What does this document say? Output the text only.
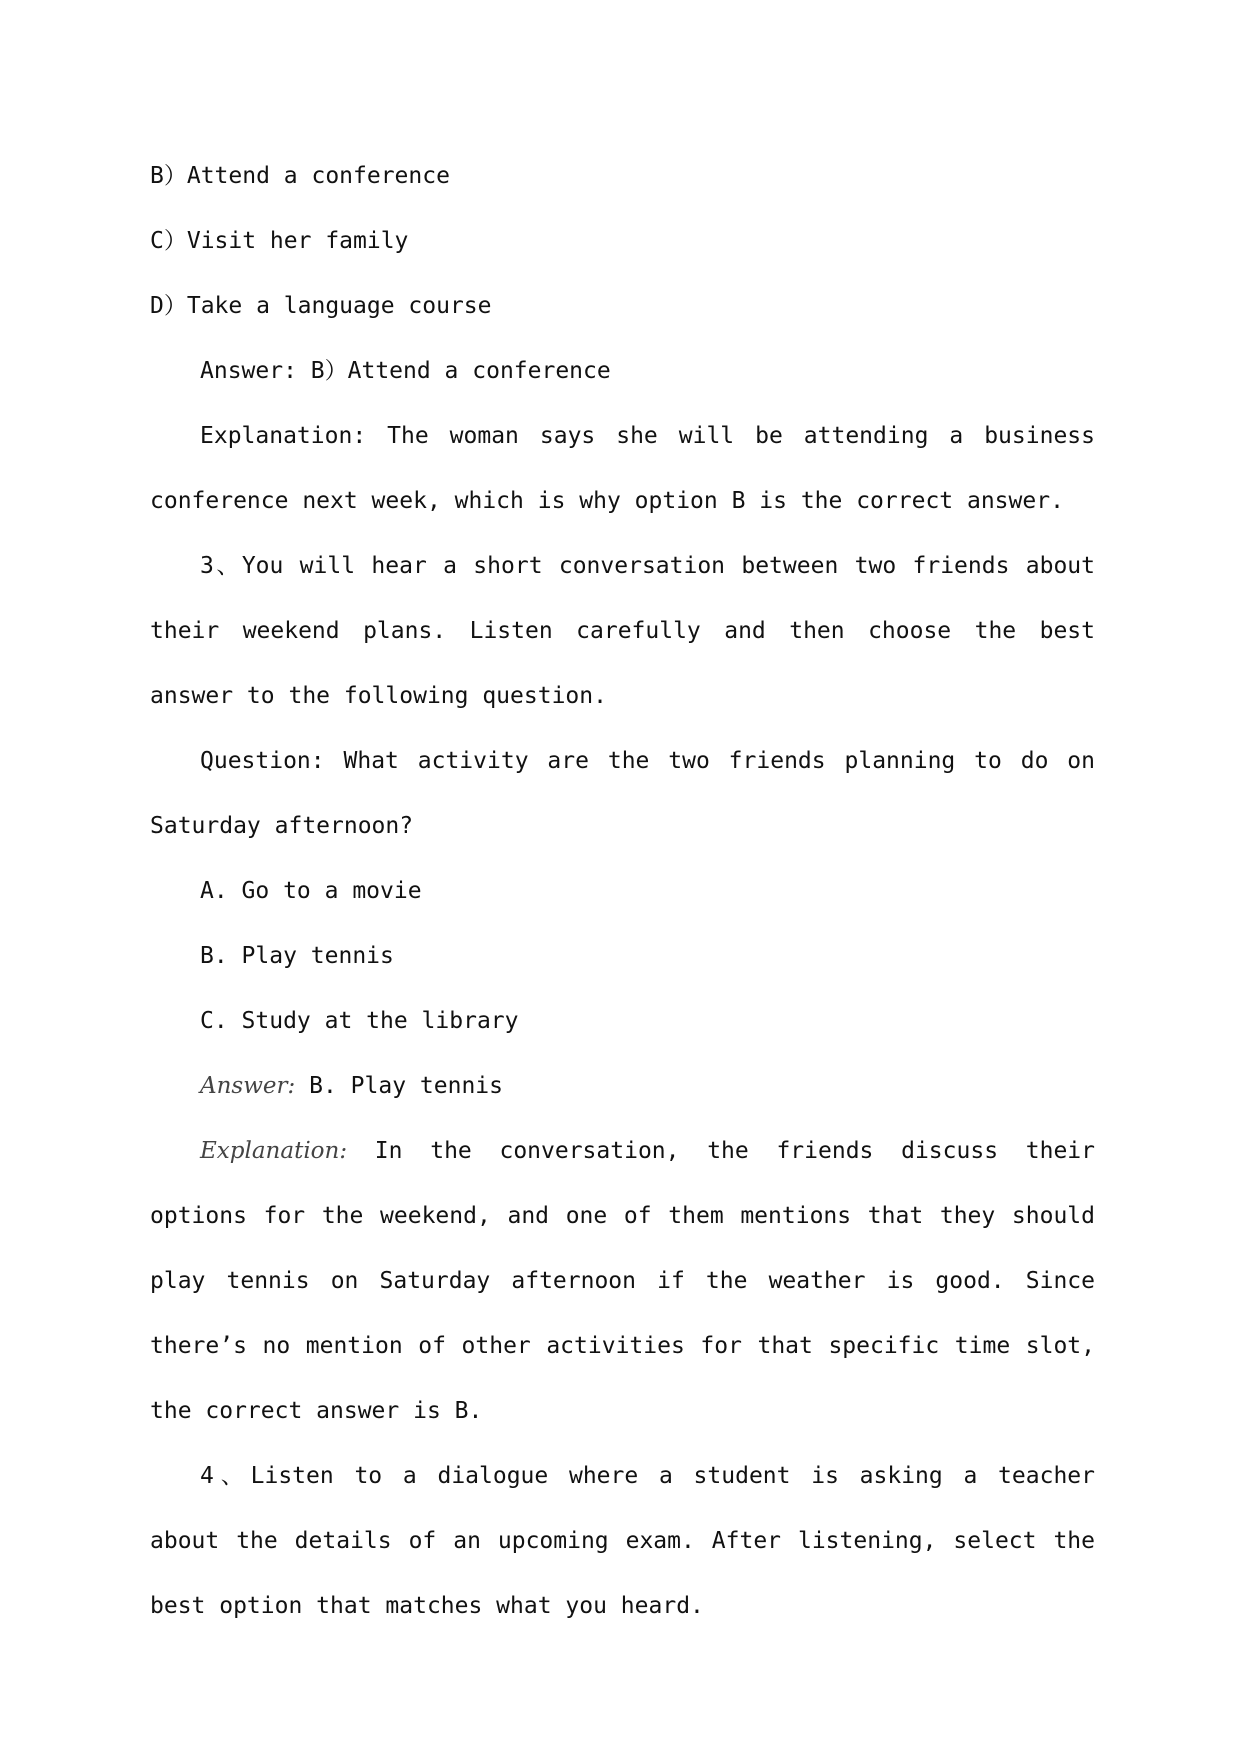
B）Attend a conference
C）Visit her family
D）Take a language course
Answer: B）Attend a conference
Explanation: The woman says she will be attending a business conference next week, which is why option B is the correct answer.
3、You will hear a short conversation between two friends about their weekend plans. Listen carefully and then choose the best answer to the following question.
Question: What activity are the two friends planning to do on Saturday afternoon?
A. Go to a movie
B. Play tennis
C. Study at the library
Answer: B. Play tennis
Explanation: In the conversation, the friends discuss their options for the weekend, and one of them mentions that they should play tennis on Saturday afternoon if the weather is good. Since there’s no mention of other activities for that specific time slot, the correct answer is B.
4、Listen to a dialogue where a student is asking a teacher about the details of an upcoming exam. After listening, select the best option that matches what you heard.
